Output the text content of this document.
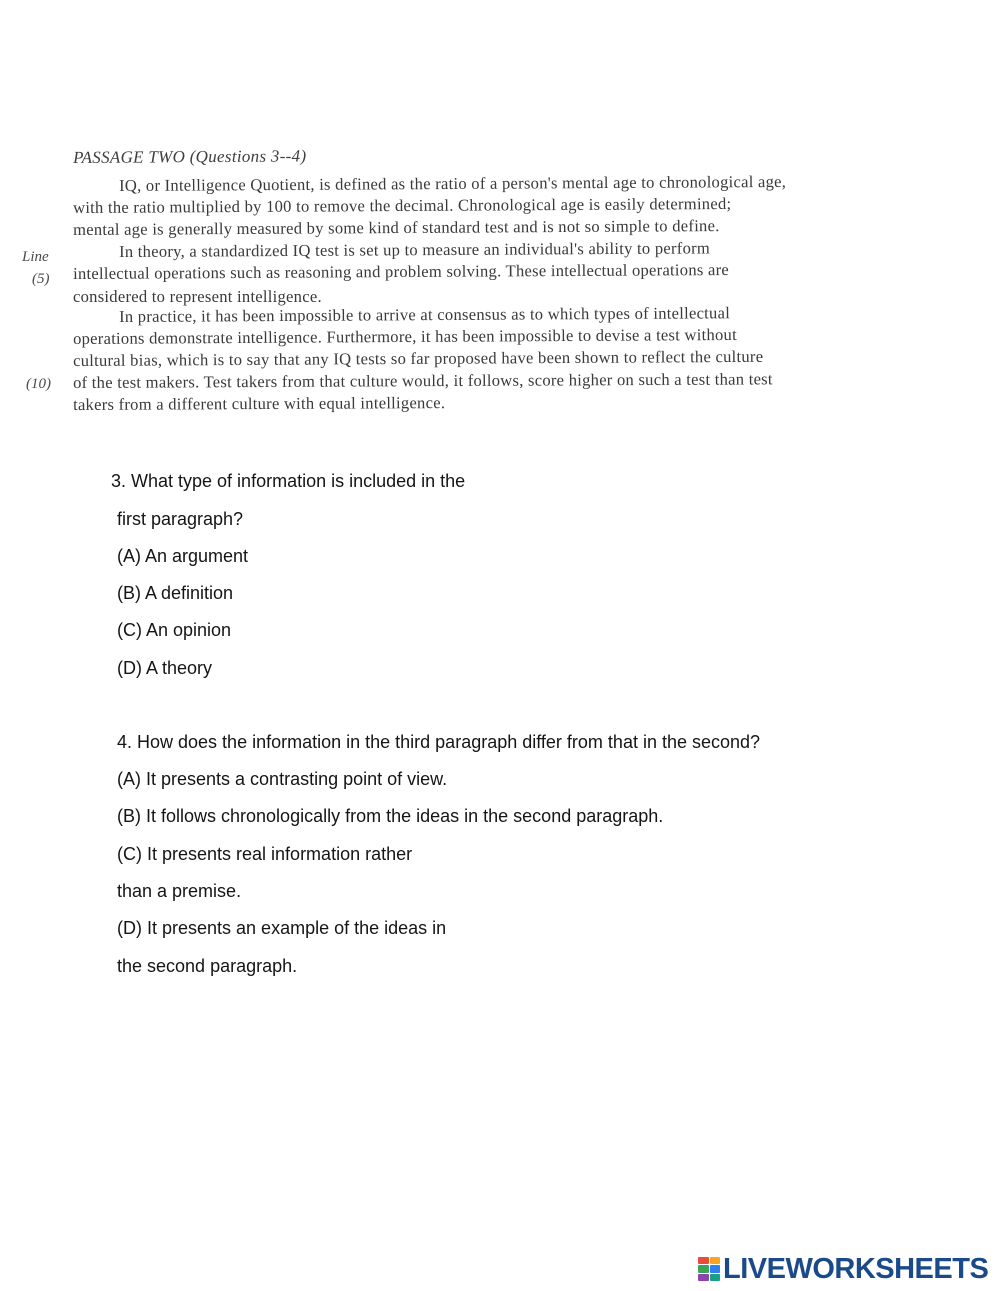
PASSAGE TWO (Questions 3--4)
IQ, or Intelligence Quotient, is defined as the ratio of a person's mental age to chronological age,
with the ratio multiplied by 100 to remove the decimal. Chronological age is easily determined;
mental age is generally measured by some kind of standard test and is not so simple to define.
In theory, a standardized IQ test is set up to measure an individual's ability to perform
intellectual operations such as reasoning and problem solving. These intellectual operations are
considered to represent intelligence.
In practice, it has been impossible to arrive at consensus as to which types of intellectual
operations demonstrate intelligence. Furthermore, it has been impossible to devise a test without
cultural bias, which is to say that any IQ tests so far proposed have been shown to reflect the culture
of the test makers. Test takers from that culture would, it follows, score higher on such a test than test
takers from a different culture with equal intelligence.
Line
(5)
(10)
3. What type of information is included in the
first paragraph?
(A) An argument
(B) A definition
(C) An opinion
(D) A theory
4. How does the information in the third paragraph differ from that in the second?
(A) It presents a contrasting point of view.
(B) It follows chronologically from the ideas in the second paragraph.
(C) It presents real information rather
than a premise.
(D) It presents an example of the ideas in
the second paragraph.
LIVEWORKSHEETS
